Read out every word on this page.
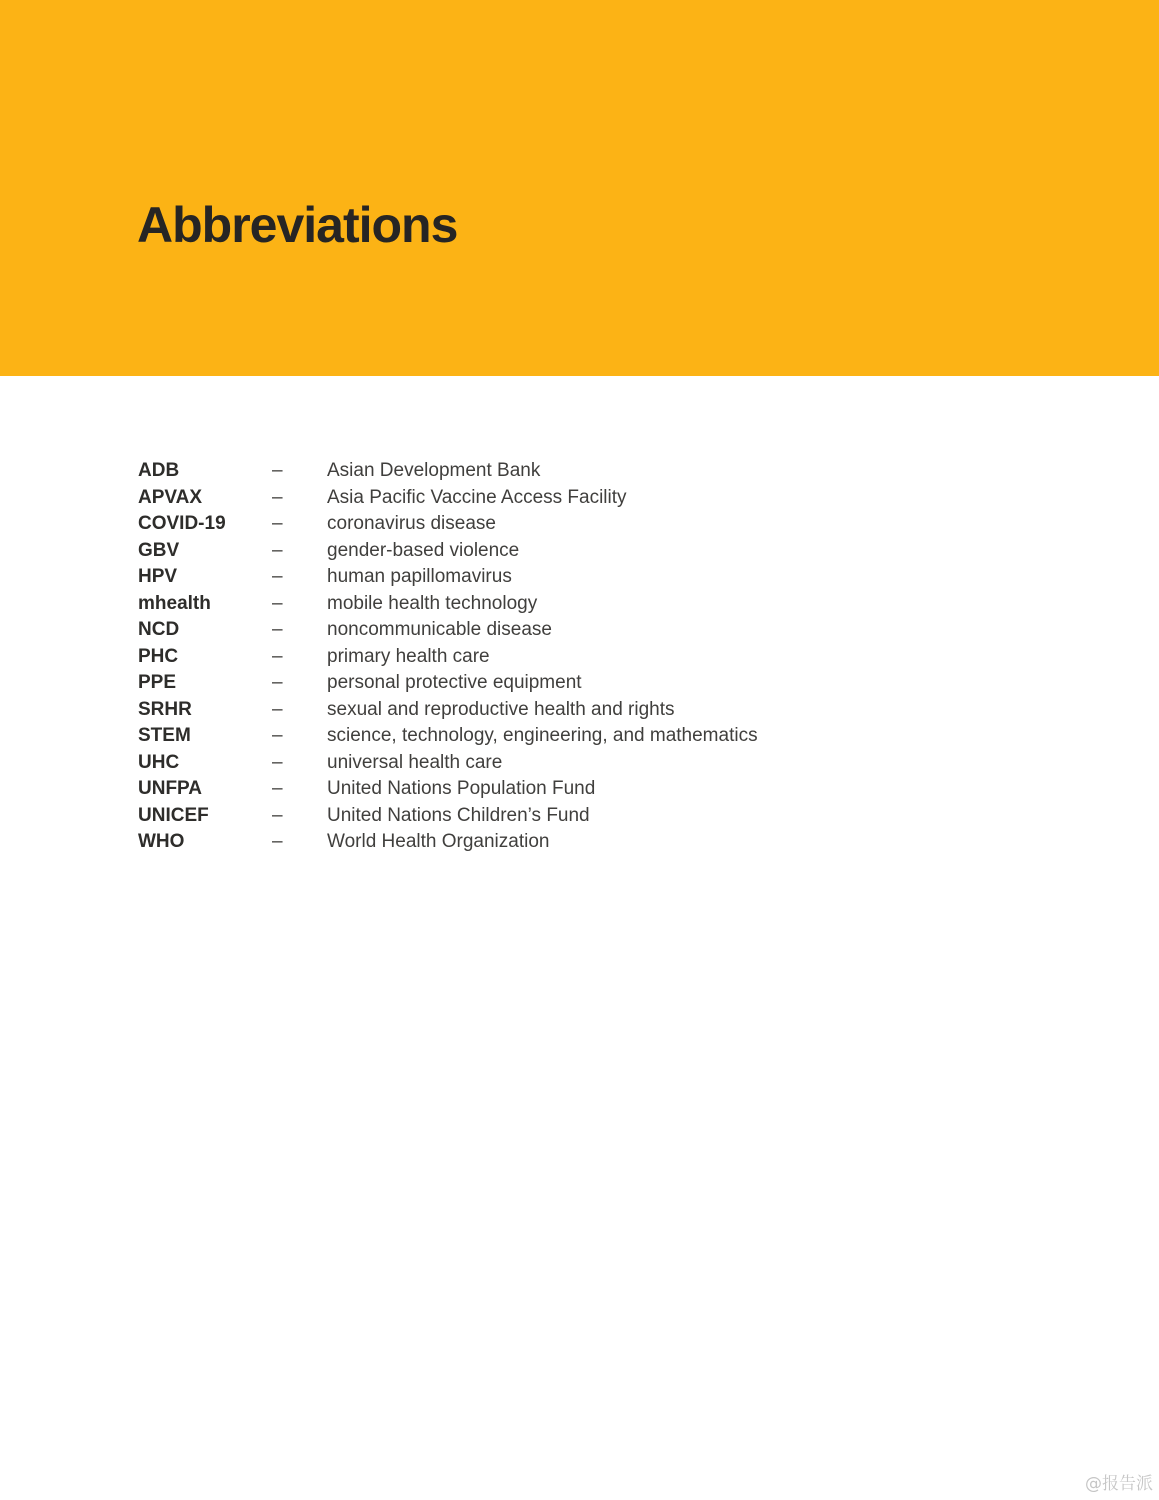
Abbreviations
ADB	–	Asian Development Bank
APVAX	–	Asia Pacific Vaccine Access Facility
COVID-19	–	coronavirus disease
GBV	–	gender-based violence
HPV	–	human papillomavirus
mhealth	–	mobile health technology
NCD	–	noncommunicable disease
PHC	–	primary health care
PPE	–	personal protective equipment
SRHR	–	sexual and reproductive health and rights
STEM	–	science, technology, engineering, and mathematics
UHC	–	universal health care
UNFPA	–	United Nations Population Fund
UNICEF	–	United Nations Children’s Fund
WHO	–	World Health Organization
@报告派
